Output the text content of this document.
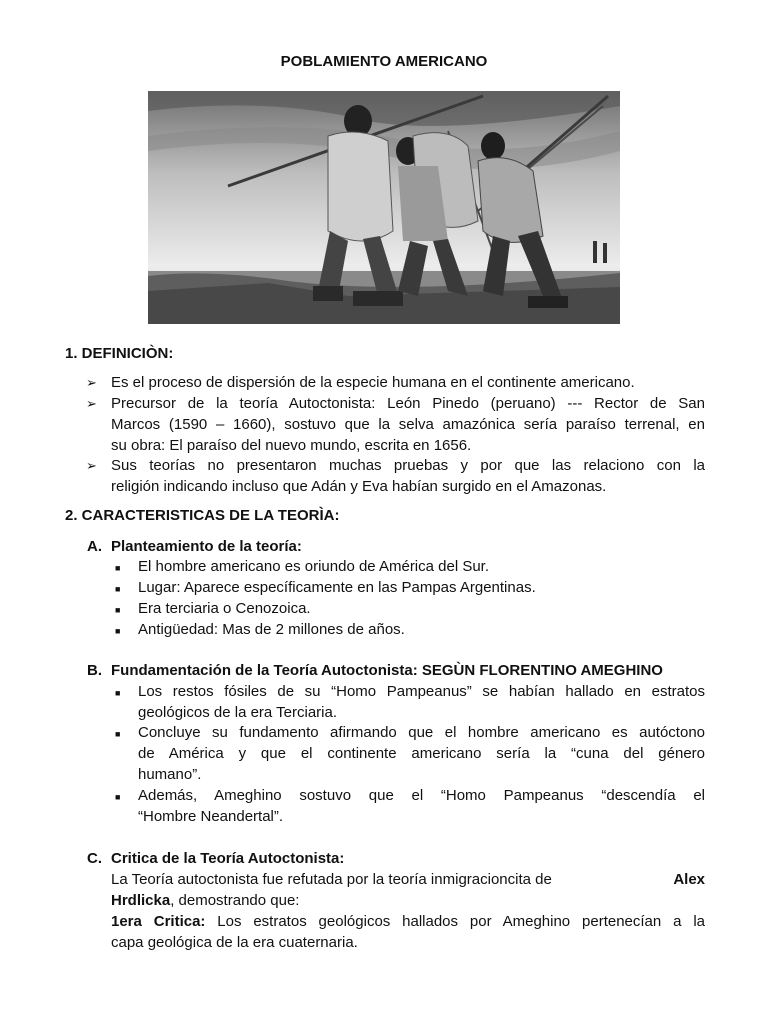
POBLAMIENTO AMERICANO
1. DEFINICIÒN:
➢ Es el proceso de dispersión de la especie humana en el continente americano.
➢ Precursor de la teoría Autoctonista: León Pinedo (peruano) --- Rector de San
Marcos (1590 – 1660), sostuvo que la selva amazónica sería paraíso terrenal, en
su obra: El paraíso del nuevo mundo, escrita en 1656.
➢ Sus teorías no presentaron muchas pruebas y por que las relaciono con la
religión indicando incluso que Adán y Eva habían surgido en el Amazonas.
2. CARACTERISTICAS DE LA TEORÌA:
A. Planteamiento de la teoría:
■ El hombre americano es oriundo de América del Sur.
■ Lugar: Aparece específicamente en las Pampas Argentinas.
■ Era terciaria o Cenozoica.
■ Antigüedad: Mas de 2 millones de años.
B. Fundamentación de la Teoría Autoctonista: SEGÙN FLORENTINO AMEGHINO
■ Los restos fósiles de su “Homo Pampeanus” se habían hallado en estratos
geológicos de la era Terciaria.
■ Concluye su fundamento afirmando que el hombre americano es autóctono
de América y que el continente americano sería la “cuna del género
humano”.
■ Además, Ameghino sostuvo que el “Homo Pampeanus “descendía el
“Hombre Neandertal”.
C. Critica de la Teoría Autoctonista:
La Teoría autoctonista fue refutada por la teoría inmigracioncita de	Alex
Hrdlicka, demostrando que:
1era Critica: Los estratos geológicos hallados por Ameghino pertenecían a la
capa geológica de la era cuaternaria.
